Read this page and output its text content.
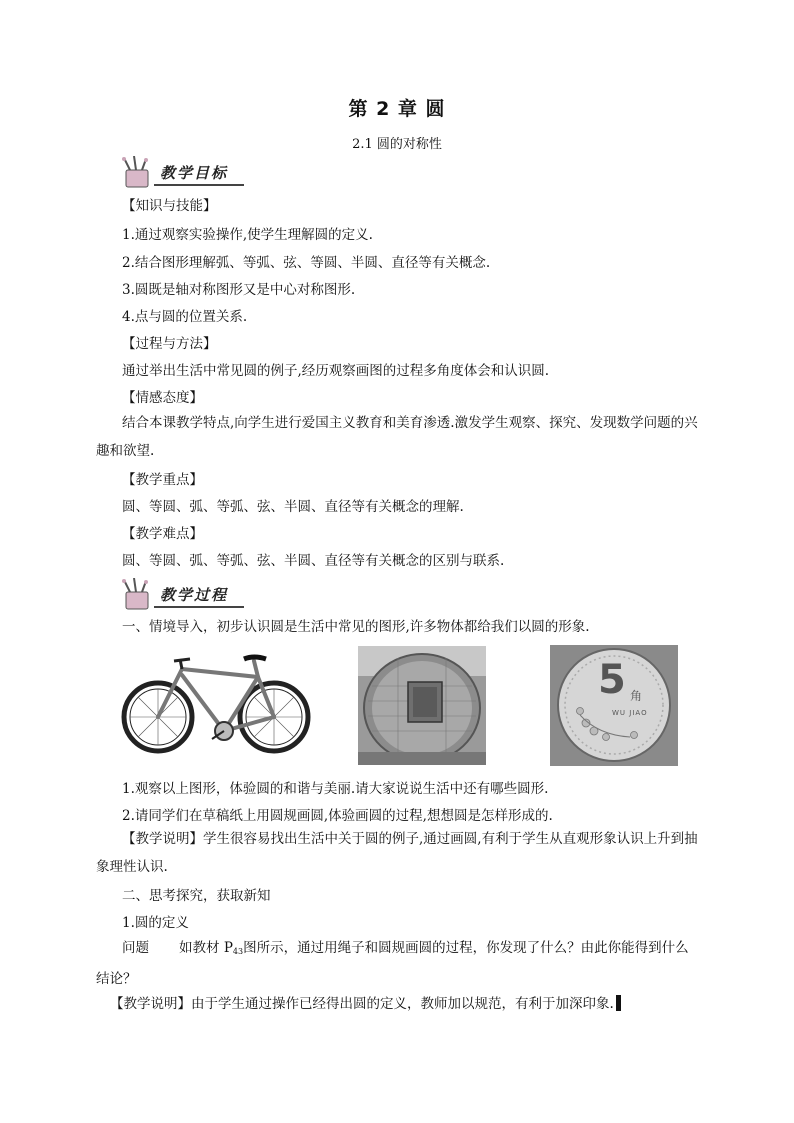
第 2 章 圆
2.1 圆的对称性
教学目标
【知识与技能】
1.通过观察实验操作,使学生理解圆的定义.
2.结合图形理解弧、等弧、弦、等圆、半圆、直径等有关概念.
3.圆既是轴对称图形又是中心对称图形.
4.点与圆的位置关系.
【过程与方法】
通过举出生活中常见圆的例子,经历观察画图的过程多角度体会和认识圆.
【情感态度】
结合本课教学特点,向学生进行爱国主义教育和美育渗透.激发学生观察、探究、发现数学问题的兴趣和欲望.
【教学重点】
圆、等圆、弧、等弧、弦、半圆、直径等有关概念的理解.
【教学难点】
圆、等圆、弧、等弧、弦、半圆、直径等有关概念的区别与联系.
教学过程
一、情境导入，初步认识圆是生活中常见的图形,许多物体都给我们以圆的形象.
5 角
WU JIAO
1.观察以上图形，体验圆的和谐与美丽.请大家说说生活中还有哪些圆形.
2.请同学们在草稿纸上用圆规画圆,体验画圆的过程,想想圆是怎样形成的.
【教学说明】学生很容易找出生活中关于圆的例子,通过画圆,有利于学生从直观形象认识上升到抽象理性认识.
二、思考探究，获取新知
1.圆的定义
问题 如教材 $P_{43}$图所示，通过用绳子和圆规画圆的过程，你发现了什么？由此你能得到什么结论？
【教学说明】由于学生通过操作已经得出圆的定义，教师加以规范，有利于加深印象.
